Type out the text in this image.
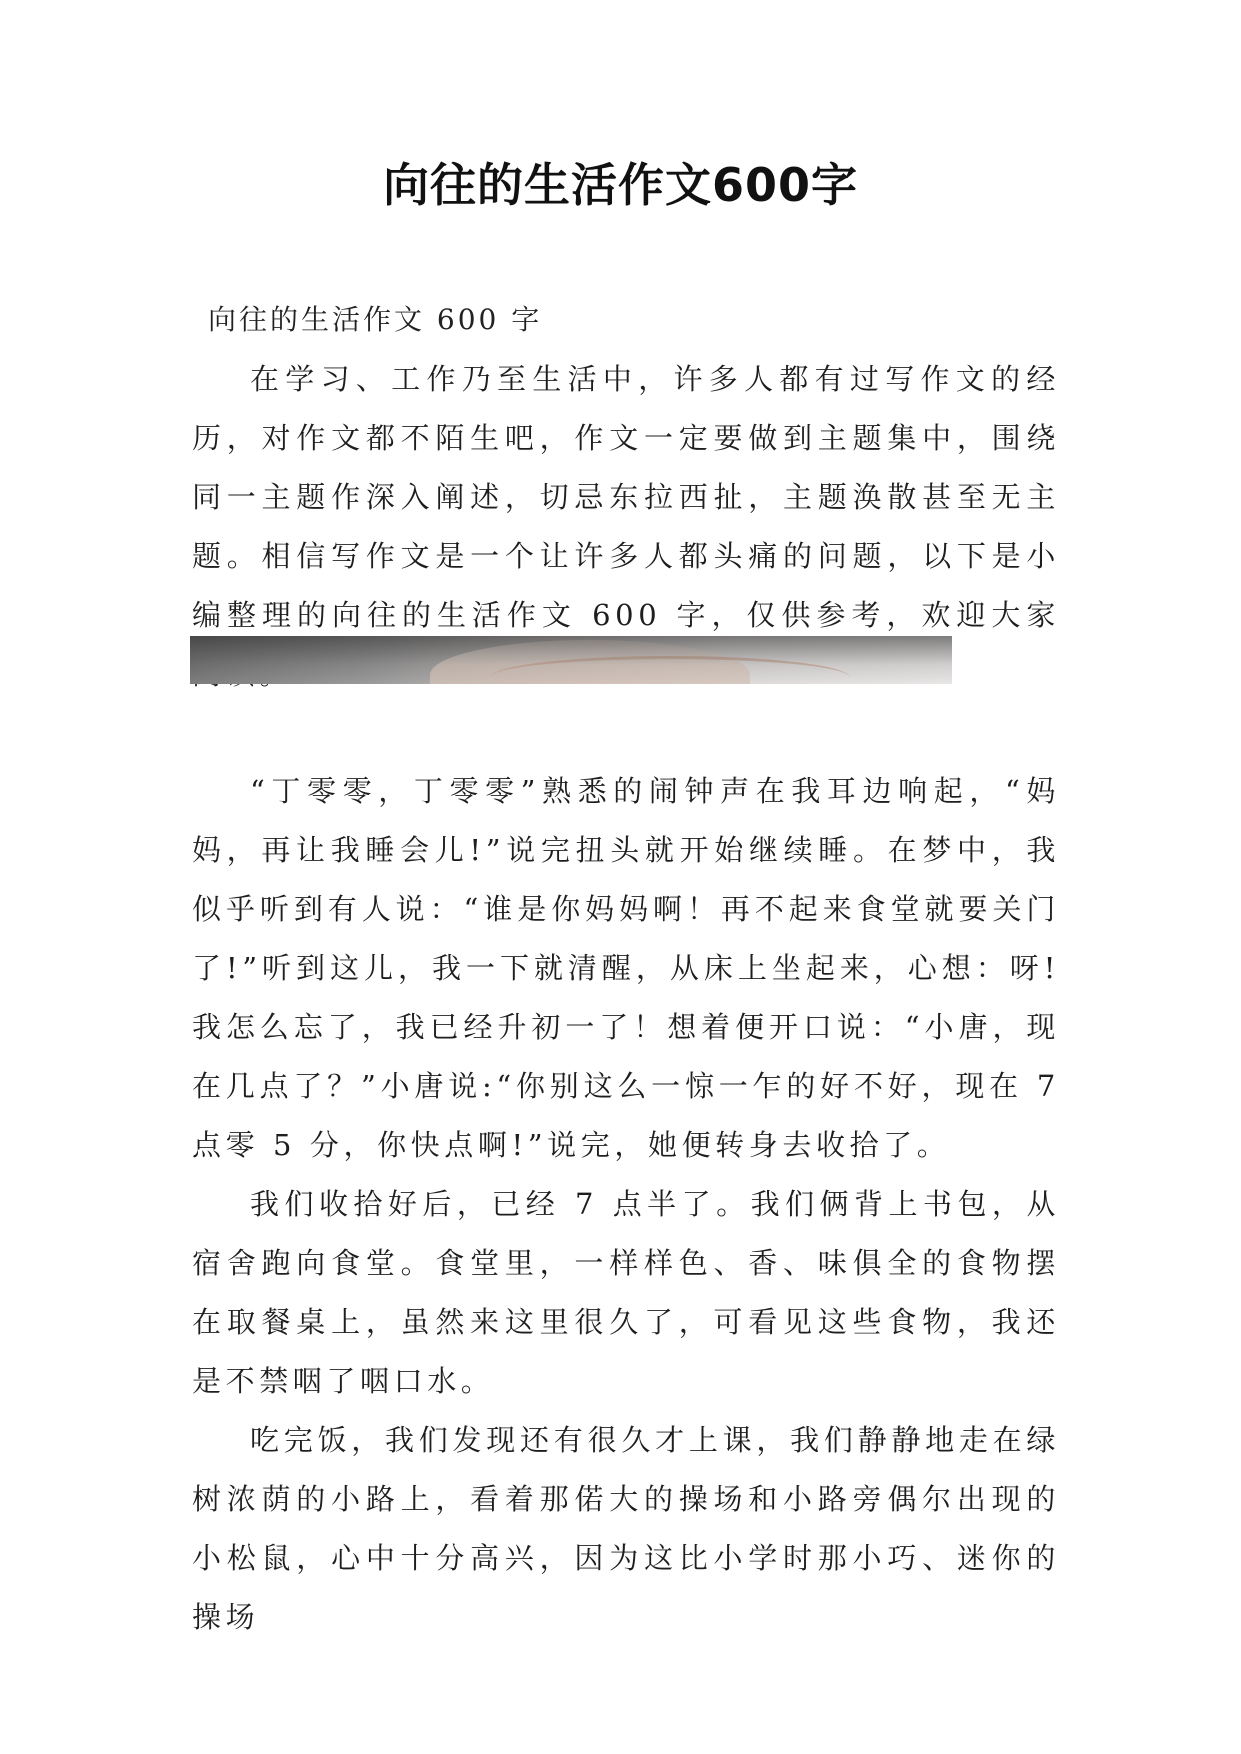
向往的生活作文600字
向往的生活作文 600 字

在学习、工作乃至生活中，许多人都有过写作文的经历，对作文都不陌生吧，作文一定要做到主题集中，围绕同一主题作深入阐述，切忌东拉西扯，主题涣散甚至无主题。相信写作文是一个让许多人都头痛的问题，以下是小编整理的向往的生活作文 600 字，仅供参考，欢迎大家

“丁零零，丁零零”熟悉的闹钟声在我耳边响起，“妈妈，再让我睡会儿!”说完扭头就开始继续睡。在梦中，我似乎听到有人说：“谁是你妈妈啊！再不起来食堂就要关门了!”听到这儿，我一下就清醒，从床上坐起来，心想：呀!我怎么忘了，我已经升初一了！想着便开口说：“小唐，现在几点了？”小唐说:“你别这么一惊一乍的好不好，现在 7 点零 5 分，你快点啊!”说完，她便转身去收拾了。

我们收拾好后，已经 7 点半了。我们俩背上书包，从宿舍跑向食堂。食堂里，一样样色、香、味俱全的食物摆在取餐桌上，虽然来这里很久了，可看见这些食物，我还是不禁咽了咽口水。

吃完饭，我们发现还有很久才上课，我们静静地走在绿树浓荫的小路上，看着那偌大的操场和小路旁偶尔出现的小松鼠，心中十分高兴，因为这比小学时那小巧、迷你的操场
